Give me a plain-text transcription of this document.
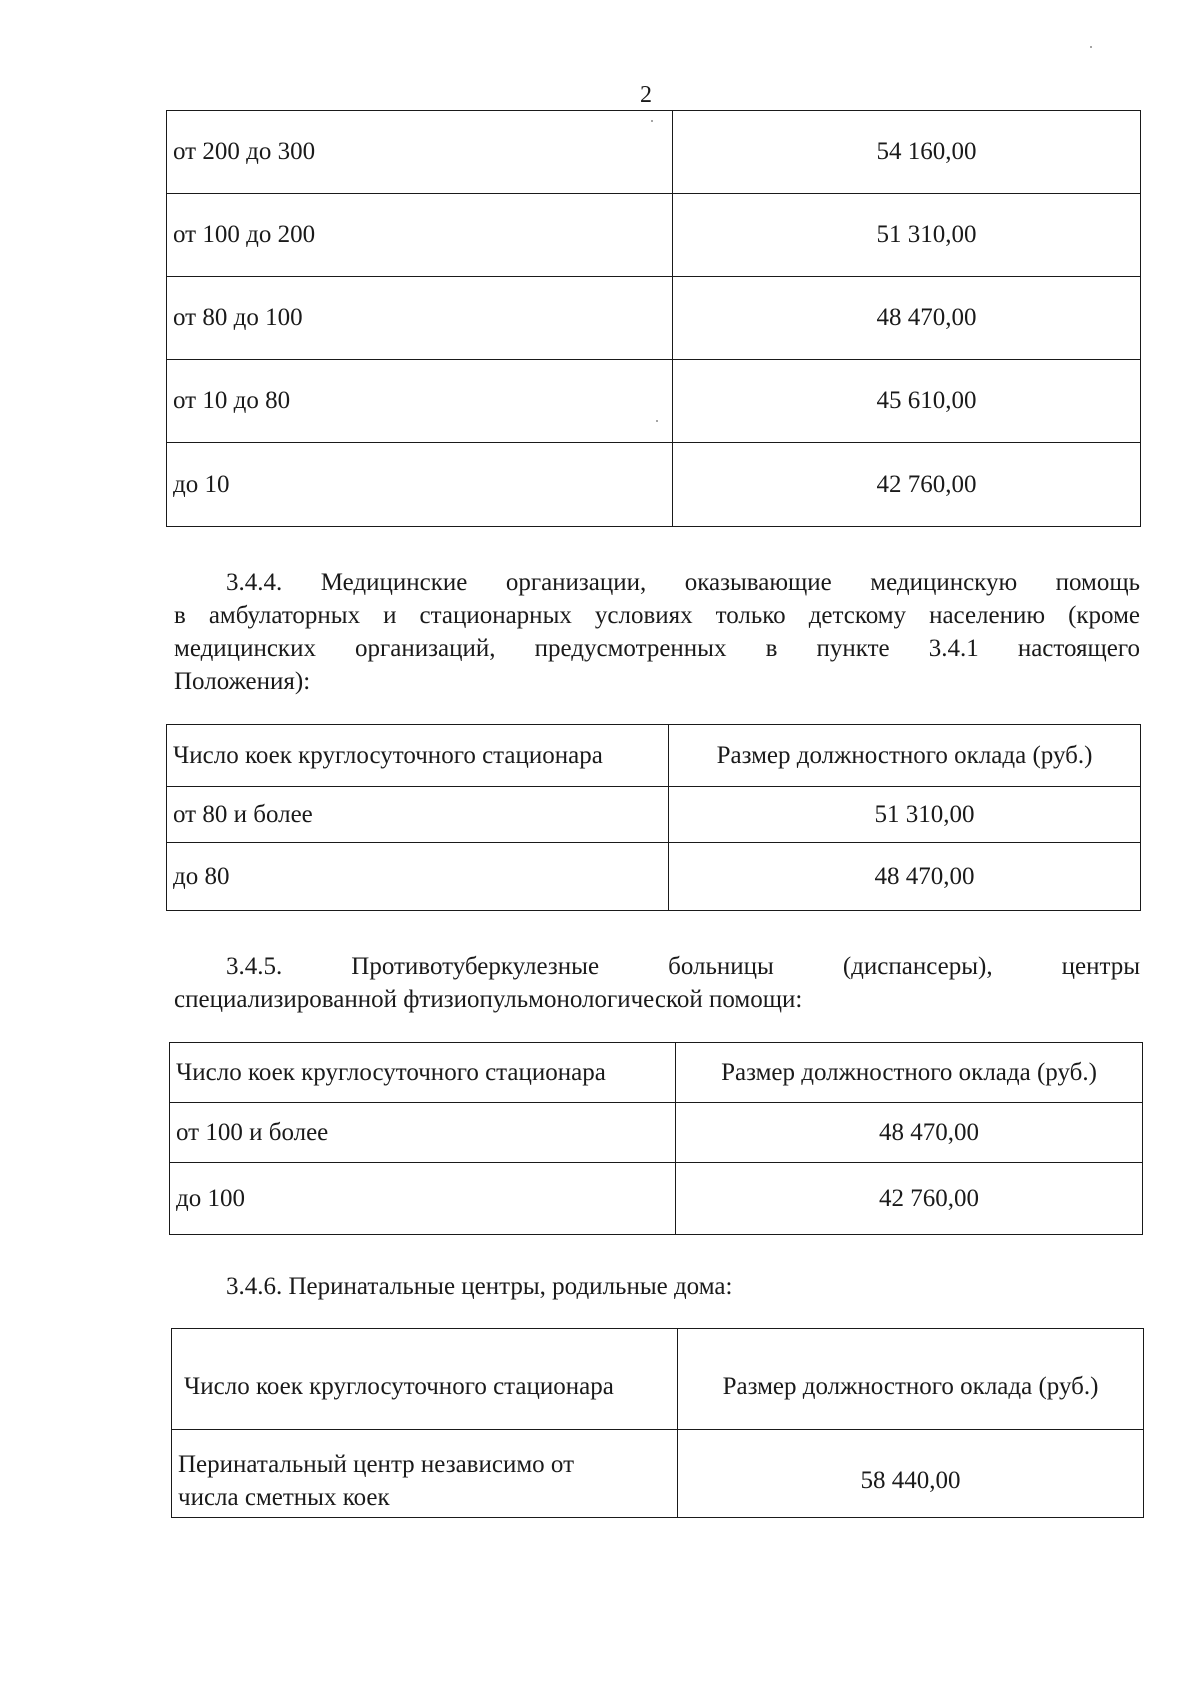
2
от 200 до 300	54 160,00
от 100 до 200	51 310,00
от 80 до 100	48 470,00
от 10 до 80	45 610,00
до 10	42 760,00
3.4.4. Медицинские организации, оказывающие медицинскую помощь
в амбулаторных и стационарных условиях только детскому населению (кроме
медицинских организаций, предусмотренных в пункте 3.4.1 настоящего
Положения):
Число коек круглосуточного стационара	Размер должностного оклада (руб.)
от 80 и более	51 310,00
до 80	48 470,00
3.4.5. Противотуберкулезные больницы (диспансеры), центры
специализированной фтизиопульмонологической помощи:
Число коек круглосуточного стационара	Размер должностного оклада (руб.)
от 100 и более	48 470,00
до 100	42 760,00
3.4.6. Перинатальные центры, родильные дома:
Число коек круглосуточного стационара	Размер должностного оклада (руб.)

Перинатальный центр независимо от
числа сметных коек	58 440,00
